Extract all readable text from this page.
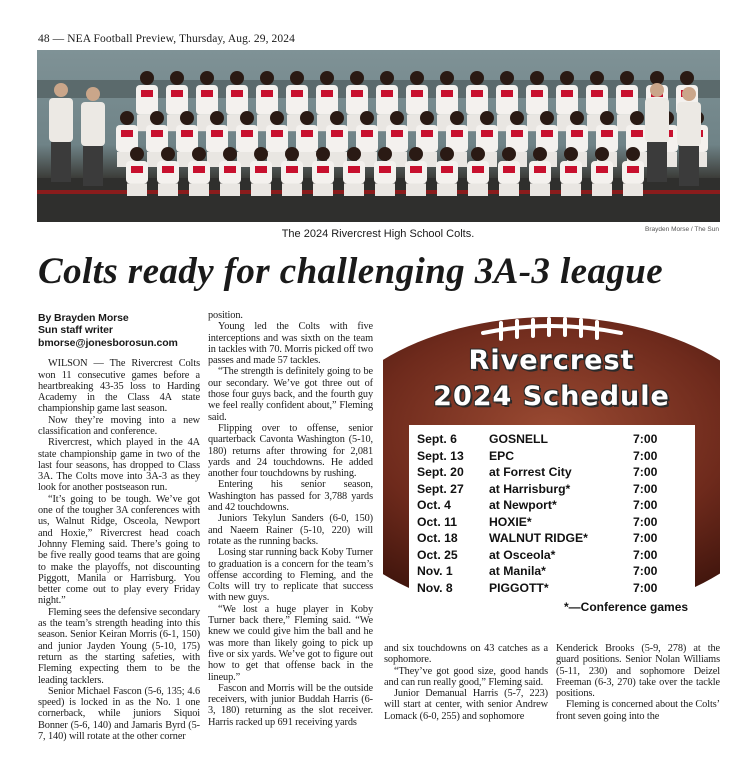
48 — NEA Football Preview, Thursday, Aug. 29, 2024
The 2024 Rivercrest High School Colts.	Brayden Morse / The Sun
Colts ready for challenging 3A-3 league
By Brayden Morse
Sun staff writer
bmorse@jonesborosun.com

WILSON — The Rivercrest Colts won 11 consecutive games before a heartbreaking 43-35 loss to Harding Academy in the Class 4A state championship game last season.

Now they’re moving into a new classification and conference.

Rivercrest, which played in the 4A state championship game in two of the last four seasons, has dropped to Class 3A. The Colts move into 3A-3 as they look for another postseason run.

“It’s going to be tough. We’ve got one of the tougher 3A conferences with us, Walnut Ridge, Osceola, Newport and Hoxie,” Rivercrest head coach Johnny Fleming said. There’s going to be five really good teams that are going to make the playoffs, not discounting Piggott, Manila or Harrisburg. You better come out to play every Friday night.”

Fleming sees the defensive secondary as the team’s strength heading into this season. Senior Keiran Morris (6-1, 150) and junior Jayden Young (5-10, 175) return as the starting safeties, with Fleming expecting them to be the leading tacklers.

Senior Michael Fascon (5-6, 135; 4.6 speed) is locked in as the No. 1 one cornerback, while juniors Siquoi Bonner (5-6, 140) and Jamaris Byrd (5-7, 140) will rotate at the other corner

position.

Young led the Colts with five interceptions and was sixth on the team in tackles with 70. Morris picked off two passes and made 57 tackles.

“The strength is definitely going to be our secondary. We’ve got three out of those four guys back, and the fourth guy we feel really confident about,” Fleming said.

Flipping over to offense, senior quarterback Cavonta Washington (5-10, 180) returns after throwing for 2,081 yards and 24 touchdowns. He added another four touchdowns by rushing.

Entering his senior season, Washington has passed for 3,788 yards and 42 touchdowns.

Juniors Tekylun Sanders (6-0, 150) and Naeem Rainer (5-10, 220) will rotate as the running backs.

Losing star running back Koby Turner to graduation is a concern for the team’s offense according to Fleming, and the Colts will try to replicate that success with new guys.

“We lost a huge player in Koby Turner back there,” Fleming said. “We knew we could give him the ball and he was more than likely going to pick up five or six yards. We’ve got to figure out how to get that offense back in the lineup.”

Fascon and Morris will be the outside receivers, with junior Buddah Harris (6-3, 180) returning as the slot receiver. Harris racked up 691 receiving yards

Rivercrest
2024 Schedule
Sept. 6	GOSNELL	7:00
Sept. 13 EPC	7:00
Sept. 20 at Forrest City	7:00
Sept. 27 at Harrisburg*	7:00
Oct. 4	at Newport*	7:00
Oct. 11	HOXIE*	7:00
Oct. 18	WALNUT RIDGE*	7:00
Oct. 25	at Osceola*	7:00
Nov. 1	at Manila*	7:00
Nov. 8	PIGGOTT*	7:00
*—Conference games

and six touchdowns on 43 catches as a sophomore.

“They’ve got good size, good hands and can run really good,” Fleming said.

Junior Demanual Harris (5-7, 223) will start at center, with senior Andrew Lomack (6-0, 255) and sophomore

Kenderick Brooks (5-9, 278) at the guard positions. Senior Nolan Williams (5-11, 230) and sophomore Deizel Freeman (6-3, 270) take over the tackle positions.

Fleming is concerned about the Colts’ front seven going into the
